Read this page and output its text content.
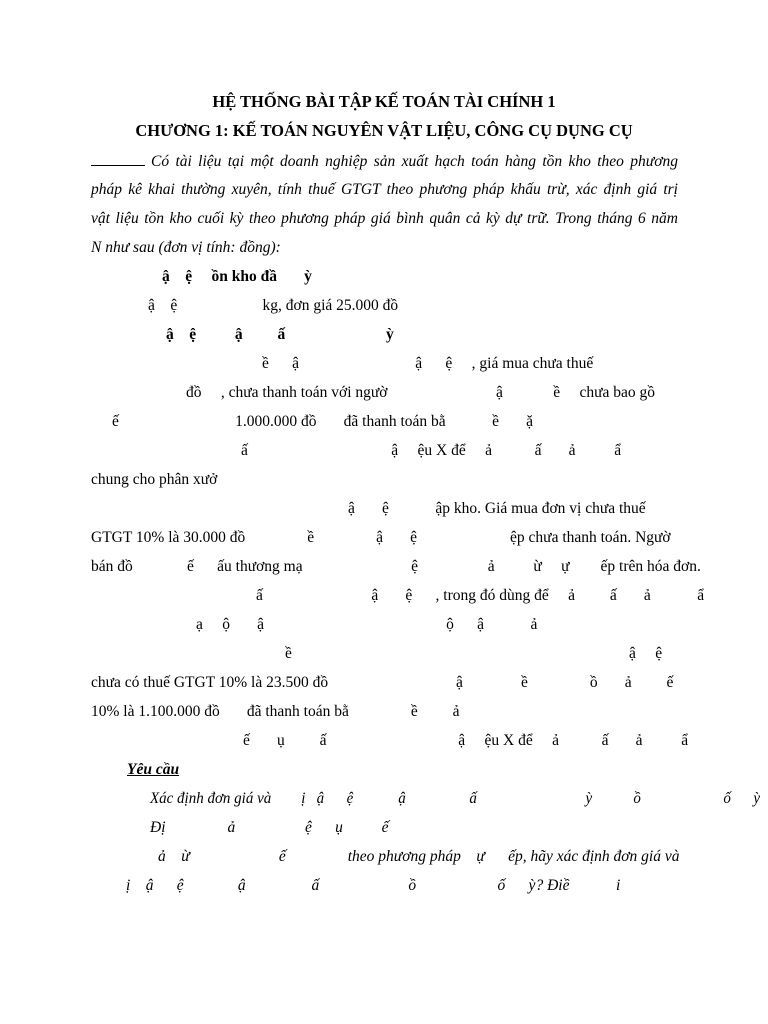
HỆ THỐNG BÀI TẬP KẾ TOÁN TÀI CHÍNH 1
CHƯƠNG 1: KẾ TOÁN NGUYÊN VẬT LIỆU, CÔNG CỤ DỤNG CỤ
Có tài liệu tại một doanh nghiệp sản xuất hạch toán hàng tồn kho theo phương
pháp kê khai thường xuyên, tính thuế GTGT theo phương pháp khấu trừ, xác định giá trị
vật liệu tồn kho cuối kỳ theo phương pháp giá bình quân cả kỳ dự trữ. Trong tháng 6 năm
N như sau (đơn vị tính: đồng):
ậ    ệ     ồn kho đầ       ỳ
ậ    ệ                      kg, đơn giá 25.000 đồ
ậ    ệ          ậ         ấ                          ỳ
ề      ậ                              ậ      ệ     , giá mua chưa thuế
đồ     , chưa thanh toán với ngườ                            ậ             ề     chưa bao gồ
ế                              1.000.000 đồ       đã thanh toán bằ            ề       ặ
ấ                                     ậ     ệu X để     ả           ấ       ả          ẩ
chung cho phân xưở
ậ       ệ            ập kho. Giá mua đơn vị chưa thuế
GTGT 10% là 30.000 đồ                ề                ậ       ệ                        ệp chưa thanh toán. Ngườ
bán đồ              ế      ấu thương mạ                            ệ                  ả          ừ     ự        ếp trên hóa đơn.
ấ                            ậ       ệ      , trong đó dùng để     ả         ấ       ả            ẩ
ạ     ộ       ậ                                               ộ      ậ            ả
ề                                                                                       ậ     ệ
chưa có thuế GTGT 10% là 23.500 đồ                                 ậ               ề                ồ       ả         ế
10% là 1.100.000 đồ       đã thanh toán bằ                ề         ả
ế       ụ         ấ                                  ậ     ệu X để     ả           ấ       ả          ẩ
Yêu cầu
Xác định đơn giá và        ị   ậ      ệ            ậ                 ấ                             ỳ           ồ                      ố      ỳ
Đị                ả                  ệ      ụ          ế
ả    ừ                       ế                theo phương pháp    ự      ếp, hãy xác định đơn giá và
ị    ậ      ệ              ậ                 ấ                       ồ                     ố      ỳ? Điề            i
